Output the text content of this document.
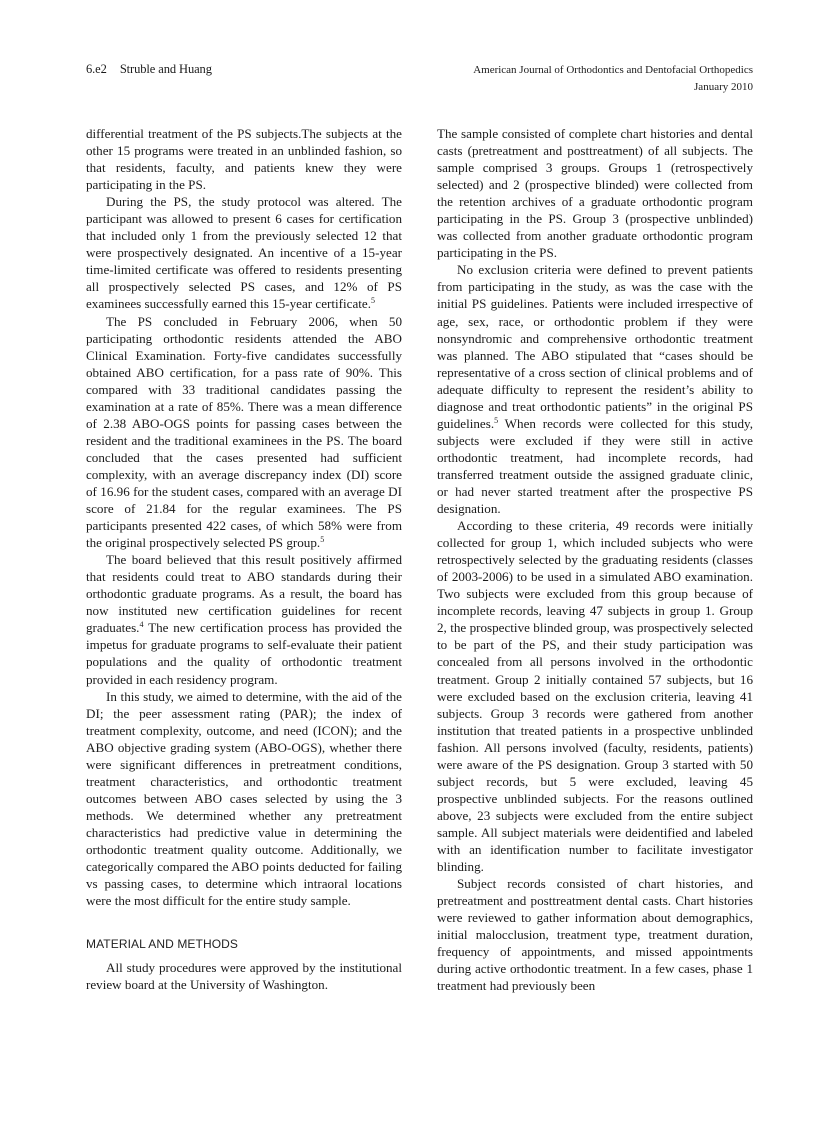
6.e2 Struble and Huang	American Journal of Orthodontics and Dentofacial Orthopedics
January 2010

differential treatment of the PS subjects.The subjects at the other 15 programs were treated in an unblinded fashion, so that residents, faculty, and patients knew they were participating in the PS.

During the PS, the study protocol was altered. The participant was allowed to present 6 cases for certification that included only 1 from the previously selected 12 that were prospectively designated. An incentive of a 15-year time-limited certificate was offered to residents presenting all prospectively selected PS cases, and 12% of PS examinees successfully earned this 15-year certificate.$^5$

The PS concluded in February 2006, when 50 participating orthodontic residents attended the ABO Clinical Examination. Forty-five candidates successfully obtained ABO certification, for a pass rate of 90%. This compared with 33 traditional candidates passing the examination at a rate of 85%. There was a mean difference of 2.38 ABO-OGS points for passing cases between the resident and the traditional examinees in the PS. The board concluded that the cases presented had sufficient complexity, with an average discrepancy index (DI) score of 16.96 for the student cases, compared with an average DI score of 21.84 for the regular examinees. The PS participants presented 422 cases, of which 58% were from the original prospectively selected PS group.$^5$

The board believed that this result positively affirmed that residents could treat to ABO standards during their orthodontic graduate programs. As a result, the board has now instituted new certification guidelines for recent graduates.$^4$ The new certification process has provided the impetus for graduate programs to self-evaluate their patient populations and the quality of orthodontic treatment provided in each residency program.

In this study, we aimed to determine, with the aid of the DI; the peer assessment rating (PAR); the index of treatment complexity, outcome, and need (ICON); and the ABO objective grading system (ABO-OGS), whether there were significant differences in pretreatment conditions, treatment characteristics, and orthodontic treatment outcomes between ABO cases selected by using the 3 methods. We determined whether any pretreatment characteristics had predictive value in determining the orthodontic treatment quality outcome. Additionally, we categorically compared the ABO points deducted for failing vs passing cases, to determine which intraoral locations were the most difficult for the entire study sample.

MATERIAL AND METHODS

All study procedures were approved by the institutional review board at the University of Washington.

The sample consisted of complete chart histories and dental casts (pretreatment and posttreatment) of all subjects. The sample comprised 3 groups. Groups 1 (retrospectively selected) and 2 (prospective blinded) were collected from the retention archives of a graduate orthodontic program participating in the PS. Group 3 (prospective unblinded) was collected from another graduate orthodontic program participating in the PS.

No exclusion criteria were defined to prevent patients from participating in the study, as was the case with the initial PS guidelines. Patients were included irrespective of age, sex, race, or orthodontic problem if they were nonsyndromic and comprehensive orthodontic treatment was planned. The ABO stipulated that “cases should be representative of a cross section of clinical problems and of adequate difficulty to represent the resident’s ability to diagnose and treat orthodontic patients” in the original PS guidelines.$^5$ When records were collected for this study, subjects were excluded if they were still in active orthodontic treatment, had incomplete records, had transferred treatment outside the assigned graduate clinic, or had never started treatment after the prospective PS designation.

According to these criteria, 49 records were initially collected for group 1, which included subjects who were retrospectively selected by the graduating residents (classes of 2003-2006) to be used in a simulated ABO examination. Two subjects were excluded from this group because of incomplete records, leaving 47 subjects in group 1. Group 2, the prospective blinded group, was prospectively selected to be part of the PS, and their study participation was concealed from all persons involved in the orthodontic treatment. Group 2 initially contained 57 subjects, but 16 were excluded based on the exclusion criteria, leaving 41 subjects. Group 3 records were gathered from another institution that treated patients in a prospective unblinded fashion. All persons involved (faculty, residents, patients) were aware of the PS designation. Group 3 started with 50 subject records, but 5 were excluded, leaving 45 prospective unblinded subjects. For the reasons outlined above, 23 subjects were excluded from the entire subject sample. All subject materials were deidentified and labeled with an identification number to facilitate investigator blinding.

Subject records consisted of chart histories, and pretreatment and posttreatment dental casts. Chart histories were reviewed to gather information about demographics, initial malocclusion, treatment type, treatment duration, frequency of appointments, and missed appointments during active orthodontic treatment. In a few cases, phase 1 treatment had previously been
